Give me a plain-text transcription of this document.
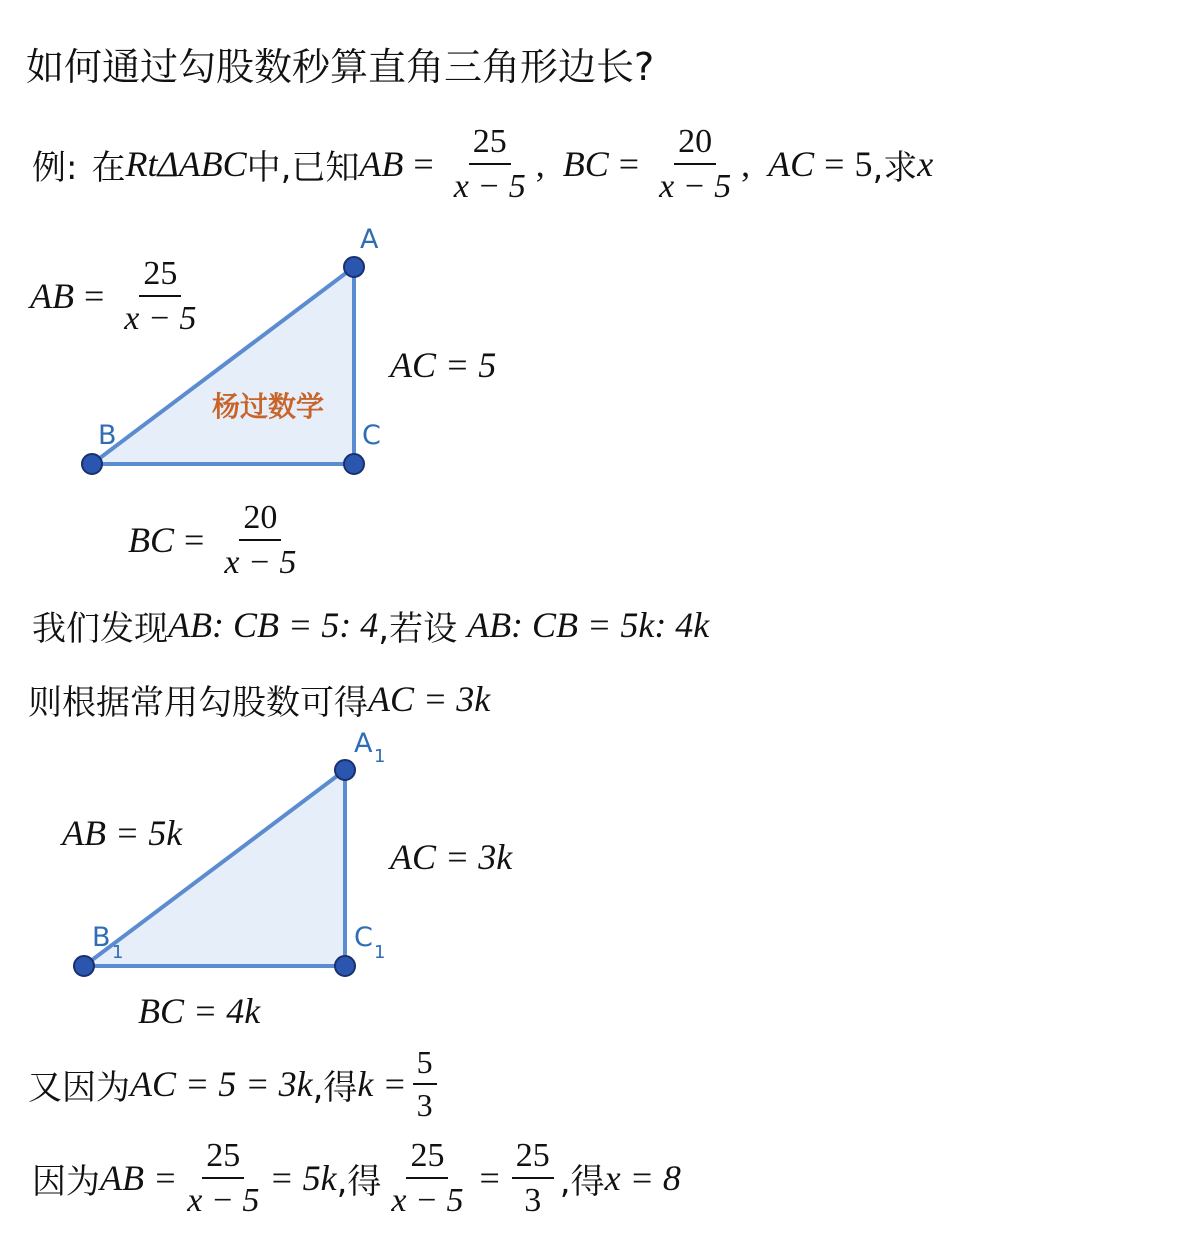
如何通过勾股数秒算直角三角形边长?
例: 在 RtΔABC 中,已知 AB = $\frac{25}{x - 5}$ , BC = $\frac{20}{x - 5}$ , AC = 5 ,求 x
A
B	C
杨过数学
AB = $\frac{25}{x - 5}$
AC = 5
BC = $\frac{20}{x - 5}$
我们发现 AB: CB = 5: 4 ,若设 AB: CB = 5k: 4k
则根据常用勾股数可得 AC = 3k
A 1
B 1	C 1
AB = 5k
AC = 3k
BC = 4k
又因为 AC = 5 = 3k ,得 $k = \frac{5}{3}$
因为 AB = $\frac{25}{x - 5} = 5k$ ,得 $\frac{25}{x - 5} = \frac{25}{3}$ ,得 x = 8
